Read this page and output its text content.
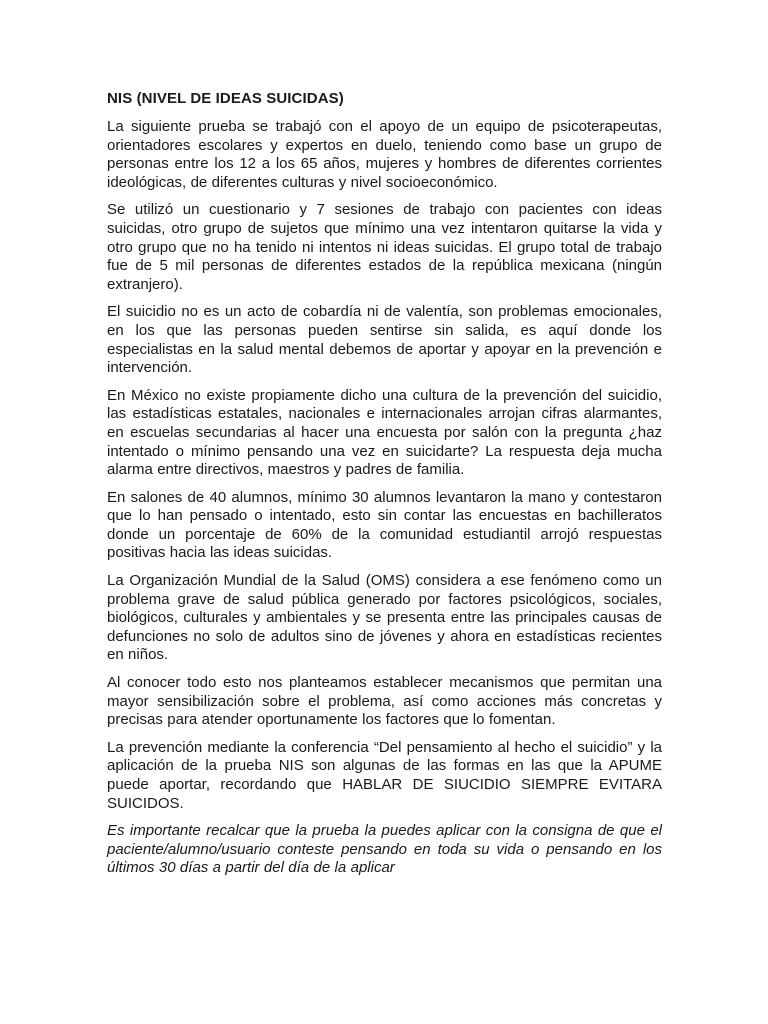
NIS (NIVEL DE IDEAS SUICIDAS)

La siguiente prueba se trabajó con el apoyo de un equipo de psicoterapeutas, orientadores escolares y expertos en duelo, teniendo como base un grupo de personas entre los 12 a los 65 años, mujeres y hombres de diferentes corrientes ideológicas, de diferentes culturas y nivel socioeconómico.

Se utilizó un cuestionario y 7 sesiones de trabajo con pacientes con ideas suicidas, otro grupo de sujetos que mínimo una vez intentaron quitarse la vida y otro grupo que no ha tenido ni intentos ni ideas suicidas. El grupo total de trabajo fue de 5 mil personas de diferentes estados de la república mexicana (ningún extranjero).

El suicidio no es un acto de cobardía ni de valentía, son problemas emocionales, en los que las personas pueden sentirse sin salida, es aquí donde los especialistas en la salud mental debemos de aportar y apoyar en la prevención e intervención.

En México no existe propiamente dicho una cultura de la prevención del suicidio, las estadísticas estatales, nacionales e internacionales arrojan cifras alarmantes, en escuelas secundarias al hacer una encuesta por salón con la pregunta ¿haz intentado o mínimo pensando una vez en suicidarte? La respuesta deja mucha alarma entre directivos, maestros y padres de familia.

En salones de 40 alumnos, mínimo 30 alumnos levantaron la mano y contestaron que lo han pensado o intentado, esto sin contar las encuestas en bachilleratos donde un porcentaje de 60% de la comunidad estudiantil arrojó respuestas positivas hacia las ideas suicidas.

La Organización Mundial de la Salud (OMS) considera a ese fenómeno como un problema grave de salud pública generado por factores psicológicos, sociales, biológicos, culturales y ambientales y se presenta entre las principales causas de defunciones no solo de adultos sino de jóvenes y ahora en estadísticas recientes en niños.

Al conocer todo esto nos planteamos establecer mecanismos que permitan una mayor sensibilización sobre el problema, así como acciones más concretas y precisas para atender oportunamente los factores que lo fomentan.

La prevención mediante la conferencia “Del pensamiento al hecho el suicidio” y la aplicación de la prueba NIS son algunas de las formas en las que la APUME puede aportar, recordando que HABLAR DE SIUCIDIO SIEMPRE EVITARA SUICIDOS.

Es importante recalcar que la prueba la puedes aplicar con la consigna de que el paciente/alumno/usuario conteste pensando en toda su vida o pensando en los últimos 30 días a partir del día de la aplicar
